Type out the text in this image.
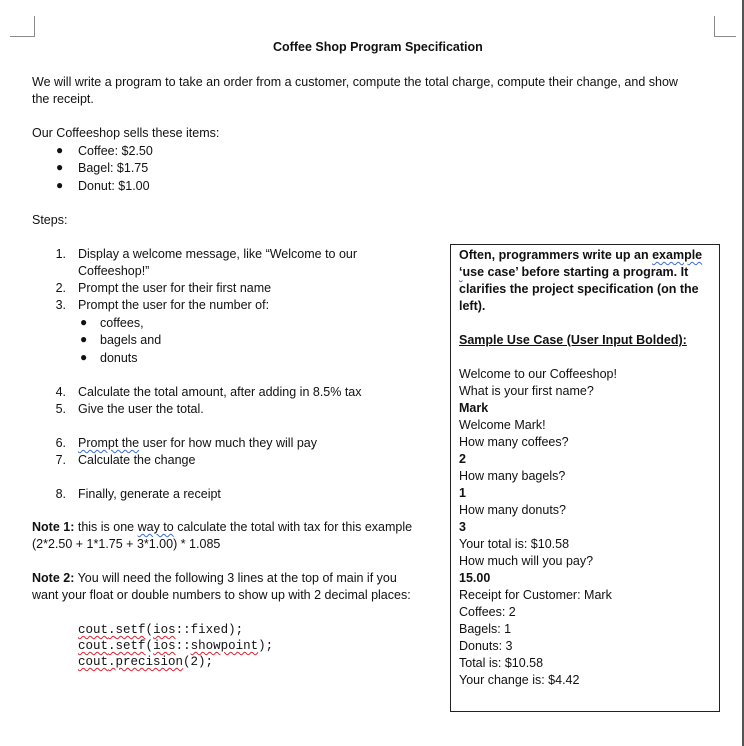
Coffee Shop Program Specification
We will write a program to take an order from a customer, compute the total charge, compute their change, and show
the receipt.
Our Coffeeshop sells these items:
● Coffee: $2.50
● Bagel: $1.75
● Donut: $1.00
Steps:
1. Display a welcome message, like “Welcome to our
Coffeeshop!”
2. Prompt the user for their first name
3. Prompt the user for the number of:
● coffees,
● bagels and
● donuts
4. Calculate the total amount, after adding in 8.5% tax
5. Give the user the total.
6. Prompt the user for how much they will pay
7. Calculate the change
8. Finally, generate a receipt
Note 1: this is one way to calculate the total with tax for this example
(2*2.50 + 1*1.75 + 3*1.00) * 1.085
Note 2: You will need the following 3 lines at the top of main if you
want your float or double numbers to show up with 2 decimal places:
cout.setf(ios::fixed);
cout.setf(ios::showpoint);
cout.precision(2);
Often, programmers write up an example
‘use case’ before starting a program. It
clarifies the project specification (on the
left).
Sample Use Case (User Input Bolded):
Welcome to our Coffeeshop!
What is your first name?
Mark
Welcome Mark!
How many coffees?
2
How many bagels?
1
How many donuts?
3
Your total is: $10.58
How much will you pay?
15.00
Receipt for Customer: Mark
Coffees: 2
Bagels: 1
Donuts: 3
Total is: $10.58
Your change is: $4.42
